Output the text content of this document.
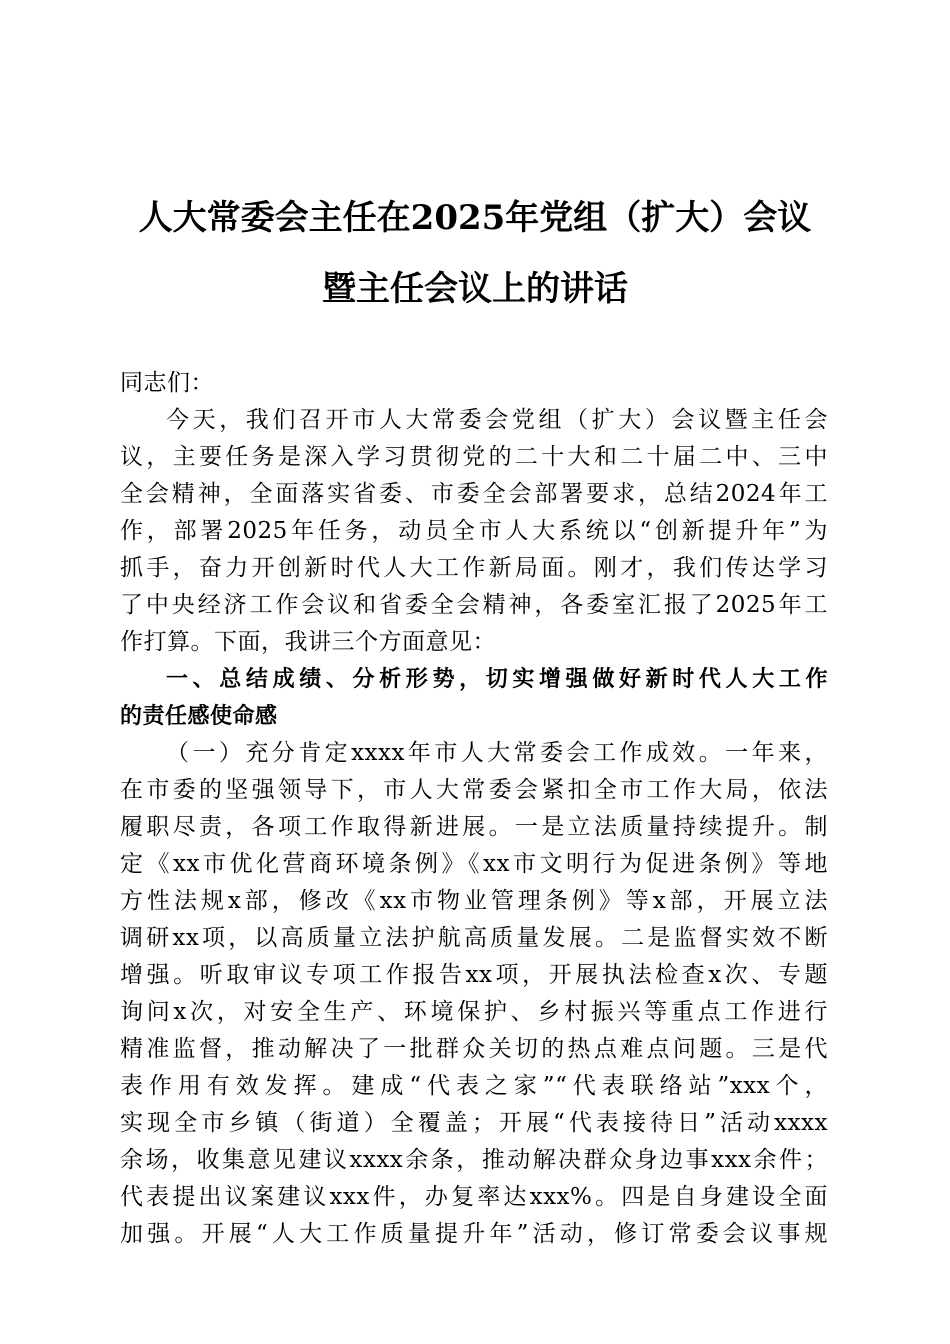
人大常委会主任在2025年党组（扩大）会议
暨主任会议上的讲话
同志们：
今天，我们召开市人大常委会党组（扩大）会议暨主任会
议，主要任务是深入学习贯彻党的二十大和二十届二中、三中
全会精神，全面落实省委、市委全会部署要求，总结2024年工
作，部署2025年任务，动员全市人大系统以“创新提升年”为
抓手，奋力开创新时代人大工作新局面。刚才，我们传达学习
了中央经济工作会议和省委全会精神，各委室汇报了2025年工
作打算。下面，我讲三个方面意见：
一、总结成绩、分析形势，切实增强做好新时代人大工作
的责任感使命感
（一）充分肯定xxxx年市人大常委会工作成效。一年来，
在市委的坚强领导下，市人大常委会紧扣全市工作大局，依法
履职尽责，各项工作取得新进展。一是立法质量持续提升。制
定《xx市优化营商环境条例》《xx市文明行为促进条例》等地
方性法规x部，修改《xx市物业管理条例》等x部，开展立法
调研xx项，以高质量立法护航高质量发展。二是监督实效不断
增强。听取审议专项工作报告xx项，开展执法检查x次、专题
询问x次，对安全生产、环境保护、乡村振兴等重点工作进行
精准监督，推动解决了一批群众关切的热点难点问题。三是代
表作用有效发挥。建成“代表之家”“代表联络站”xxx个，
实现全市乡镇（街道）全覆盖；开展“代表接待日”活动xxxx
余场，收集意见建议xxxx余条，推动解决群众身边事xxx余件；
代表提出议案建议xxx件，办复率达xxx%。四是自身建设全面
加强。开展“人大工作质量提升年”活动，修订常委会议事规
